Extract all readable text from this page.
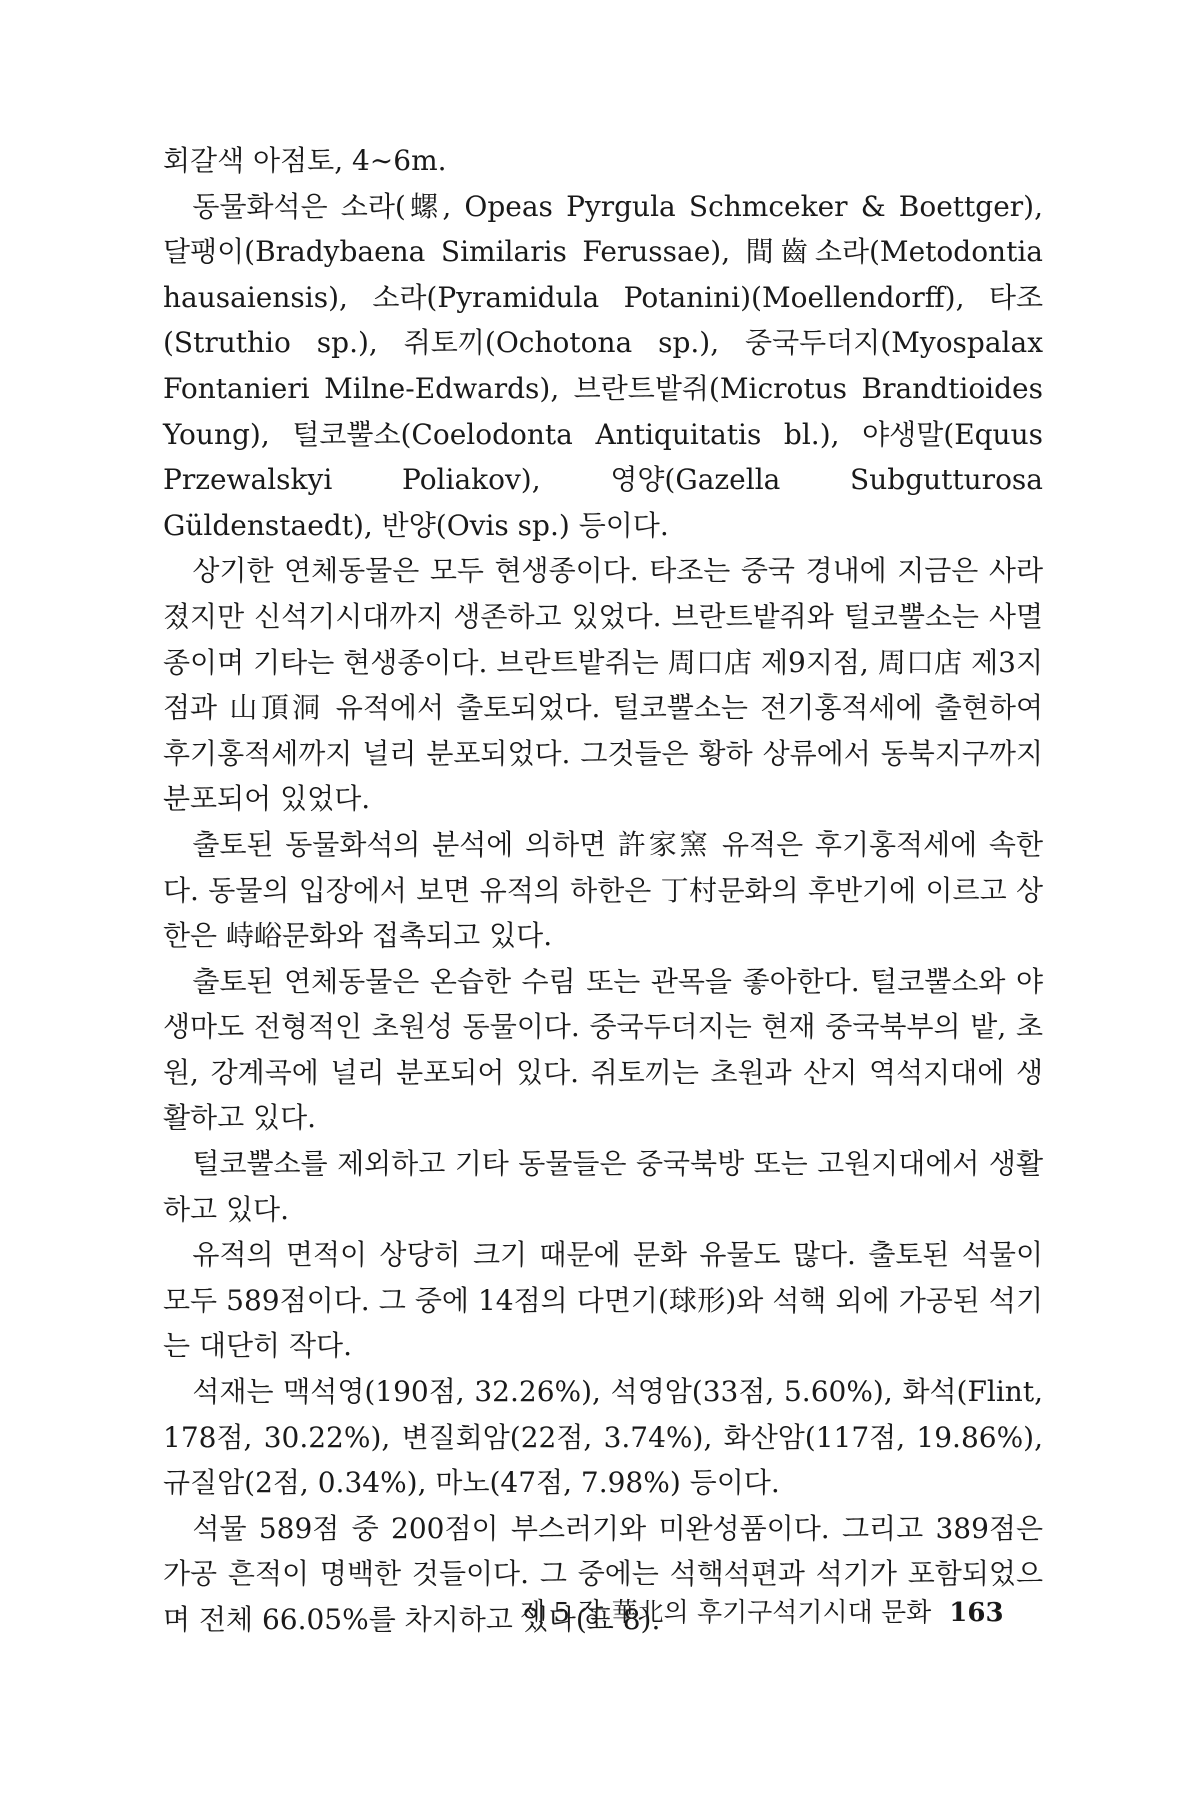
회갈색 아점토, 4∼6m.

동물화석은 소라(螺, Opeas Pyrgula Schmceker & Boettger), 달팽이(Bradybaena Similaris Ferussae), 間齒소라(Metodontia hausaiensis), 소라(Pyramidula Potanini)(Moellendorff), 타조(Struthio sp.), 쥐토끼(Ochotona sp.), 중국두더지(Myospalax Fontanieri Milne-Edwards), 브란트밭쥐(Microtus Brandtioides Young), 털코뿔소(Coelodonta Antiquitatis bl.), 야생말(Equus Przewalskyi Poliakov), 영양(Gazella Subgutturosa Güldenstaedt), 반양(Ovis sp.) 등이다.

상기한 연체동물은 모두 현생종이다. 타조는 중국 경내에 지금은 사라졌지만 신석기시대까지 생존하고 있었다. 브란트밭쥐와 털코뿔소는 사멸종이며 기타는 현생종이다. 브란트밭쥐는 周口店 제9지점, 周口店 제3지점과 山頂洞 유적에서 출토되었다. 털코뿔소는 전기홍적세에 출현하여 후기홍적세까지 널리 분포되었다. 그것들은 황하 상류에서 동북지구까지 분포되어 있었다.

출토된 동물화석의 분석에 의하면 許家窯 유적은 후기홍적세에 속한다. 동물의 입장에서 보면 유적의 하한은 丁村문화의 후반기에 이르고 상한은 峙峪문화와 접촉되고 있다.

출토된 연체동물은 온습한 수림 또는 관목을 좋아한다. 털코뿔소와 야생마도 전형적인 초원성 동물이다. 중국두더지는 현재 중국북부의 밭, 초원, 강계곡에 널리 분포되어 있다. 쥐토끼는 초원과 산지 역석지대에 생활하고 있다.

털코뿔소를 제외하고 기타 동물들은 중국북방 또는 고원지대에서 생활하고 있다.

유적의 면적이 상당히 크기 때문에 문화 유물도 많다. 출토된 석물이 모두 589점이다. 그 중에 14점의 다면기(球形)와 석핵 외에 가공된 석기는 대단히 작다.

석재는 맥석영(190점, 32.26%), 석영암(33점, 5.60%), 화석(Flint, 178점, 30.22%), 변질회암(22점, 3.74%), 화산암(117점, 19.86%), 규질암(2점, 0.34%), 마노(47점, 7.98%) 등이다.

석물 589점 중 200점이 부스러기와 미완성품이다. 그리고 389점은 가공 흔적이 명백한 것들이다. 그 중에는 석핵석편과 석기가 포함되었으며 전체 66.05%를 차지하고 있다(표 8).

제 5 장 華北의 후기구석기시대 문화 163
